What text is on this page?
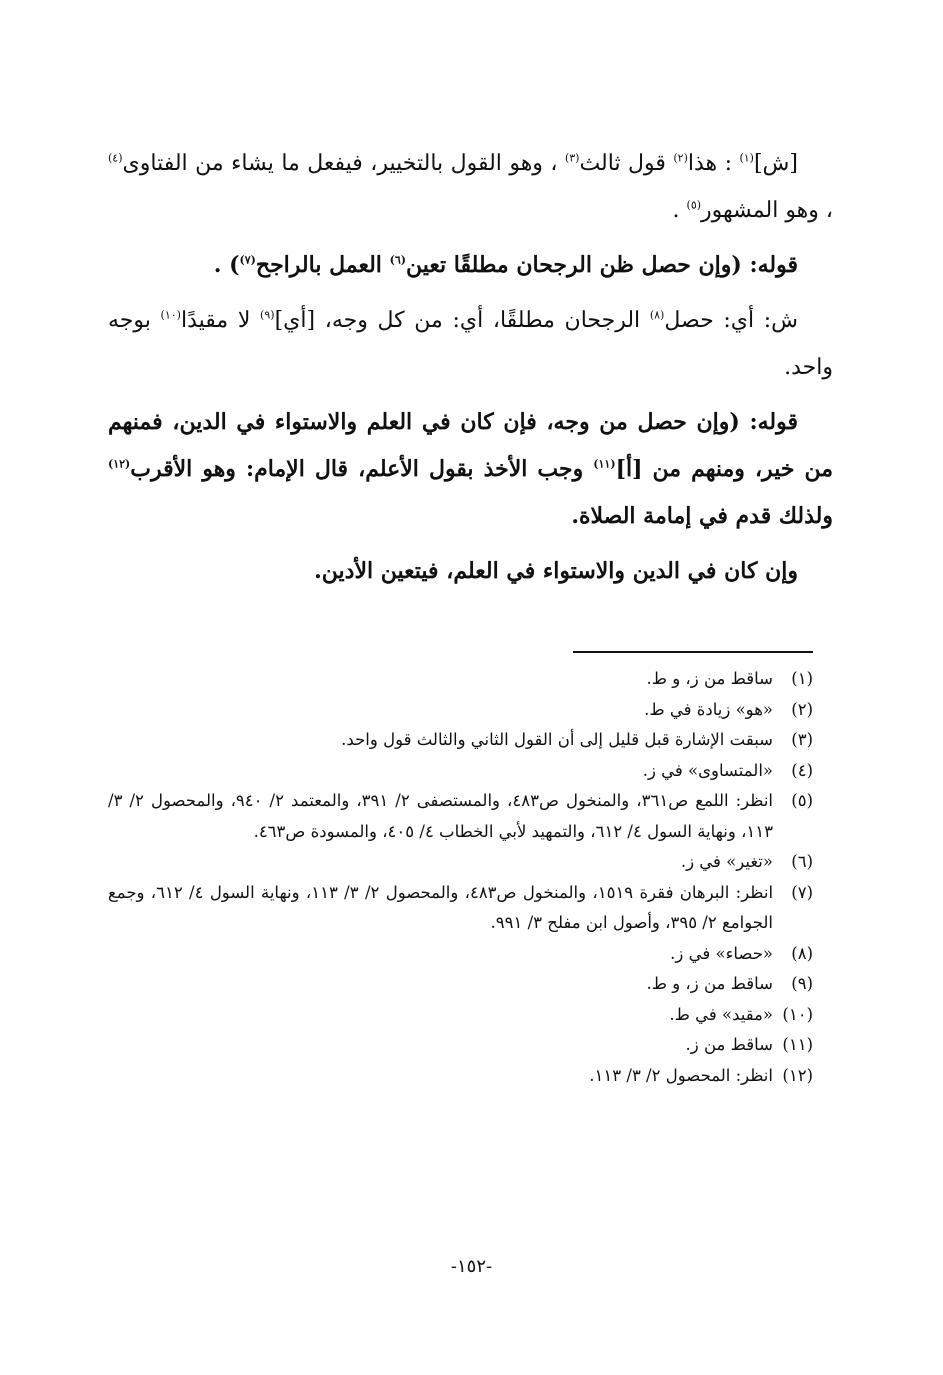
[ش]$^{(١)}$ : هذا$^{(٢)}$ قول ثالث$^{(٣)}$ ، وهو القول بالتخيير، فيفعل ما يشاء من الفتاوى$^{(٤)}$ ، وهو المشهور$^{(٥)}$ .

قوله: (وإن حصل ظن الرجحان مطلقًا تعين$^{(٦)}$ العمل بالراجح$^{(٧)}$) .

ش: أي: حصل$^{(٨)}$ الرجحان مطلقًا، أي: من كل وجه، [أي]$^{(٩)}$ لا مقيدًا$^{(١٠)}$ بوجه واحد.

قوله: (وإن حصل من وجه، فإن كان في العلم والاستواء في الدين، فمنهم من خير، ومنهم من [أ]$^{(١١)}$ وجب الأخذ بقول الأعلم، قال الإمام: وهو الأقرب$^{(١٢)}$ ولذلك قدم في إمامة الصلاة.

وإن كان في الدين والاستواء في العلم، فيتعين الأدين.

(١)
ساقط من ز، و ط.
(٢)
«هو» زيادة في ط.
(٣)
سبقت الإشارة قبل قليل إلى أن القول الثاني والثالث قول واحد.
(٤)
«المتساوى» في ز.
(٥)
انظر: اللمع ص٣٦١، والمنخول ص٤٨٣، والمستصفى ٢/ ٣٩١، والمعتمد ٢/ ٩٤٠، والمحصول ٢/ ٣/ ١١٣، ونهاية السول ٤/ ٦١٢، والتمهيد لأبي الخطاب ٤/ ٤٠٥، والمسودة ص٤٦٣.
(٦)
«تغير» في ز.
(٧)
انظر: البرهان فقرة ١٥١٩، والمنخول ص٤٨٣، والمحصول ٢/ ٣/ ١١٣، ونهاية السول ٤/ ٦١٢، وجمع الجوامع ٢/ ٣٩٥، وأصول ابن مفلح ٣/ ٩٩١.
(٨)
«حصاء» في ز.
(٩)
ساقط من ز، و ط.
(١٠)
«مقيد» في ط.
(١١)
ساقط من ز.
(١٢)
انظر: المحصول ٢/ ٣/ ١١٣.
-١٥٢-
